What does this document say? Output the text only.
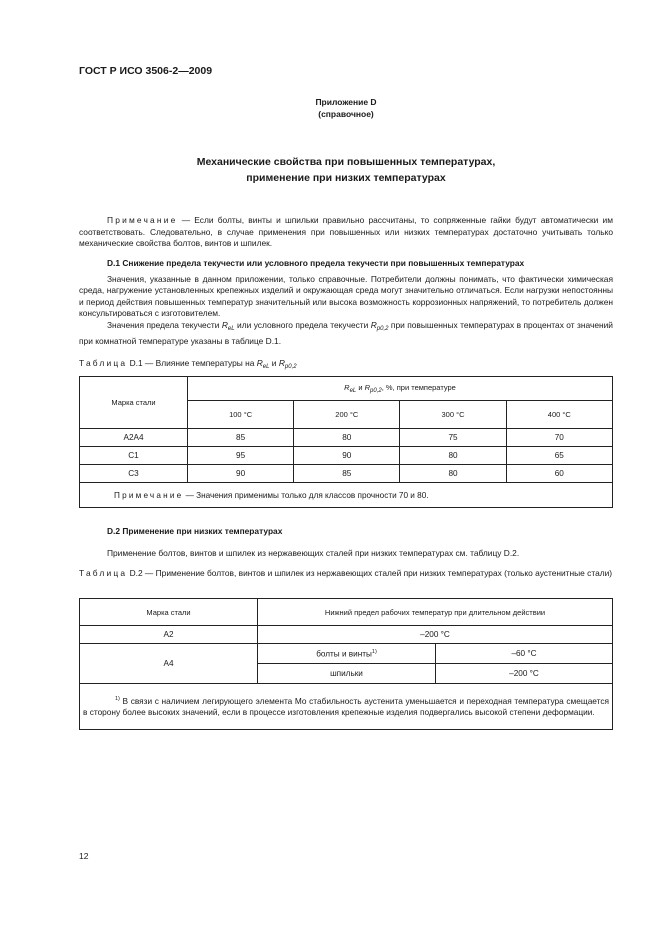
ГОСТ Р ИСО 3506-2—2009
Приложение D
(справочное)
Механические свойства при повышенных температурах,
применение при низких температурах

Примечание — Если болты, винты и шпильки правильно рассчитаны, то сопряженные гайки будут автоматически им соответствовать. Следовательно, в случае применения при повышенных или низких температурах достаточно учитывать только механические свойства болтов, винтов и шпилек.

D.1 Снижение предела текучести или условного предела текучести при повышенных температурах

Значения, указанные в данном приложении, только справочные. Потребители должны понимать, что фактически химическая среда, нагружение установленных крепежных изделий и окружающая среда могут значительно отличаться. Если нагрузки непостоянны и период действия повышенных температур значительный или высока возможность коррозионных напряжений, то потребитель должен консультироваться с изготовителем.

Значения предела текучести $R_{eL}$ или условного предела текучести $R_{p0,2}$ при повышенных температурах в процентах от значений при комнатной температуре указаны в таблице D.1.

Таблица D.1 — Влияние температуры на $R_{eL}$ и $R_{p0,2}$
Марка стали	$R_{eL}$ и $R_{p0,2}$, %, при температуре			
	100 °C	200 °C	300 °C	400 °C
A2A4	85	80	75	70
C1	95	90	80	65
C3	90	85	80	60
Примечание — Значения применимы только для классов прочности 70 и 80.				

D.2 Применение при низких температурах

Применение болтов, винтов и шпилек из нержавеющих сталей при низких температурах см. таблицу D.2.

Таблица D.2 — Применение болтов, винтов и шпилек из нержавеющих сталей при низких температурах (только аустенитные стали)

Марка стали	Нижний предел рабочих температур при длительном действии	
A2	–200 °C	
A4	болты и винты$^{1)}$	–60 °C
	шпильки	–200 °C
$^{1)}$ В связи с наличием легирующего элемента Mo стабильность аустенита уменьшается и переходная температура смещается в сторону более высоких значений, если в процессе изготовления крепежные изделия подвергались высокой степени деформации.		
12
